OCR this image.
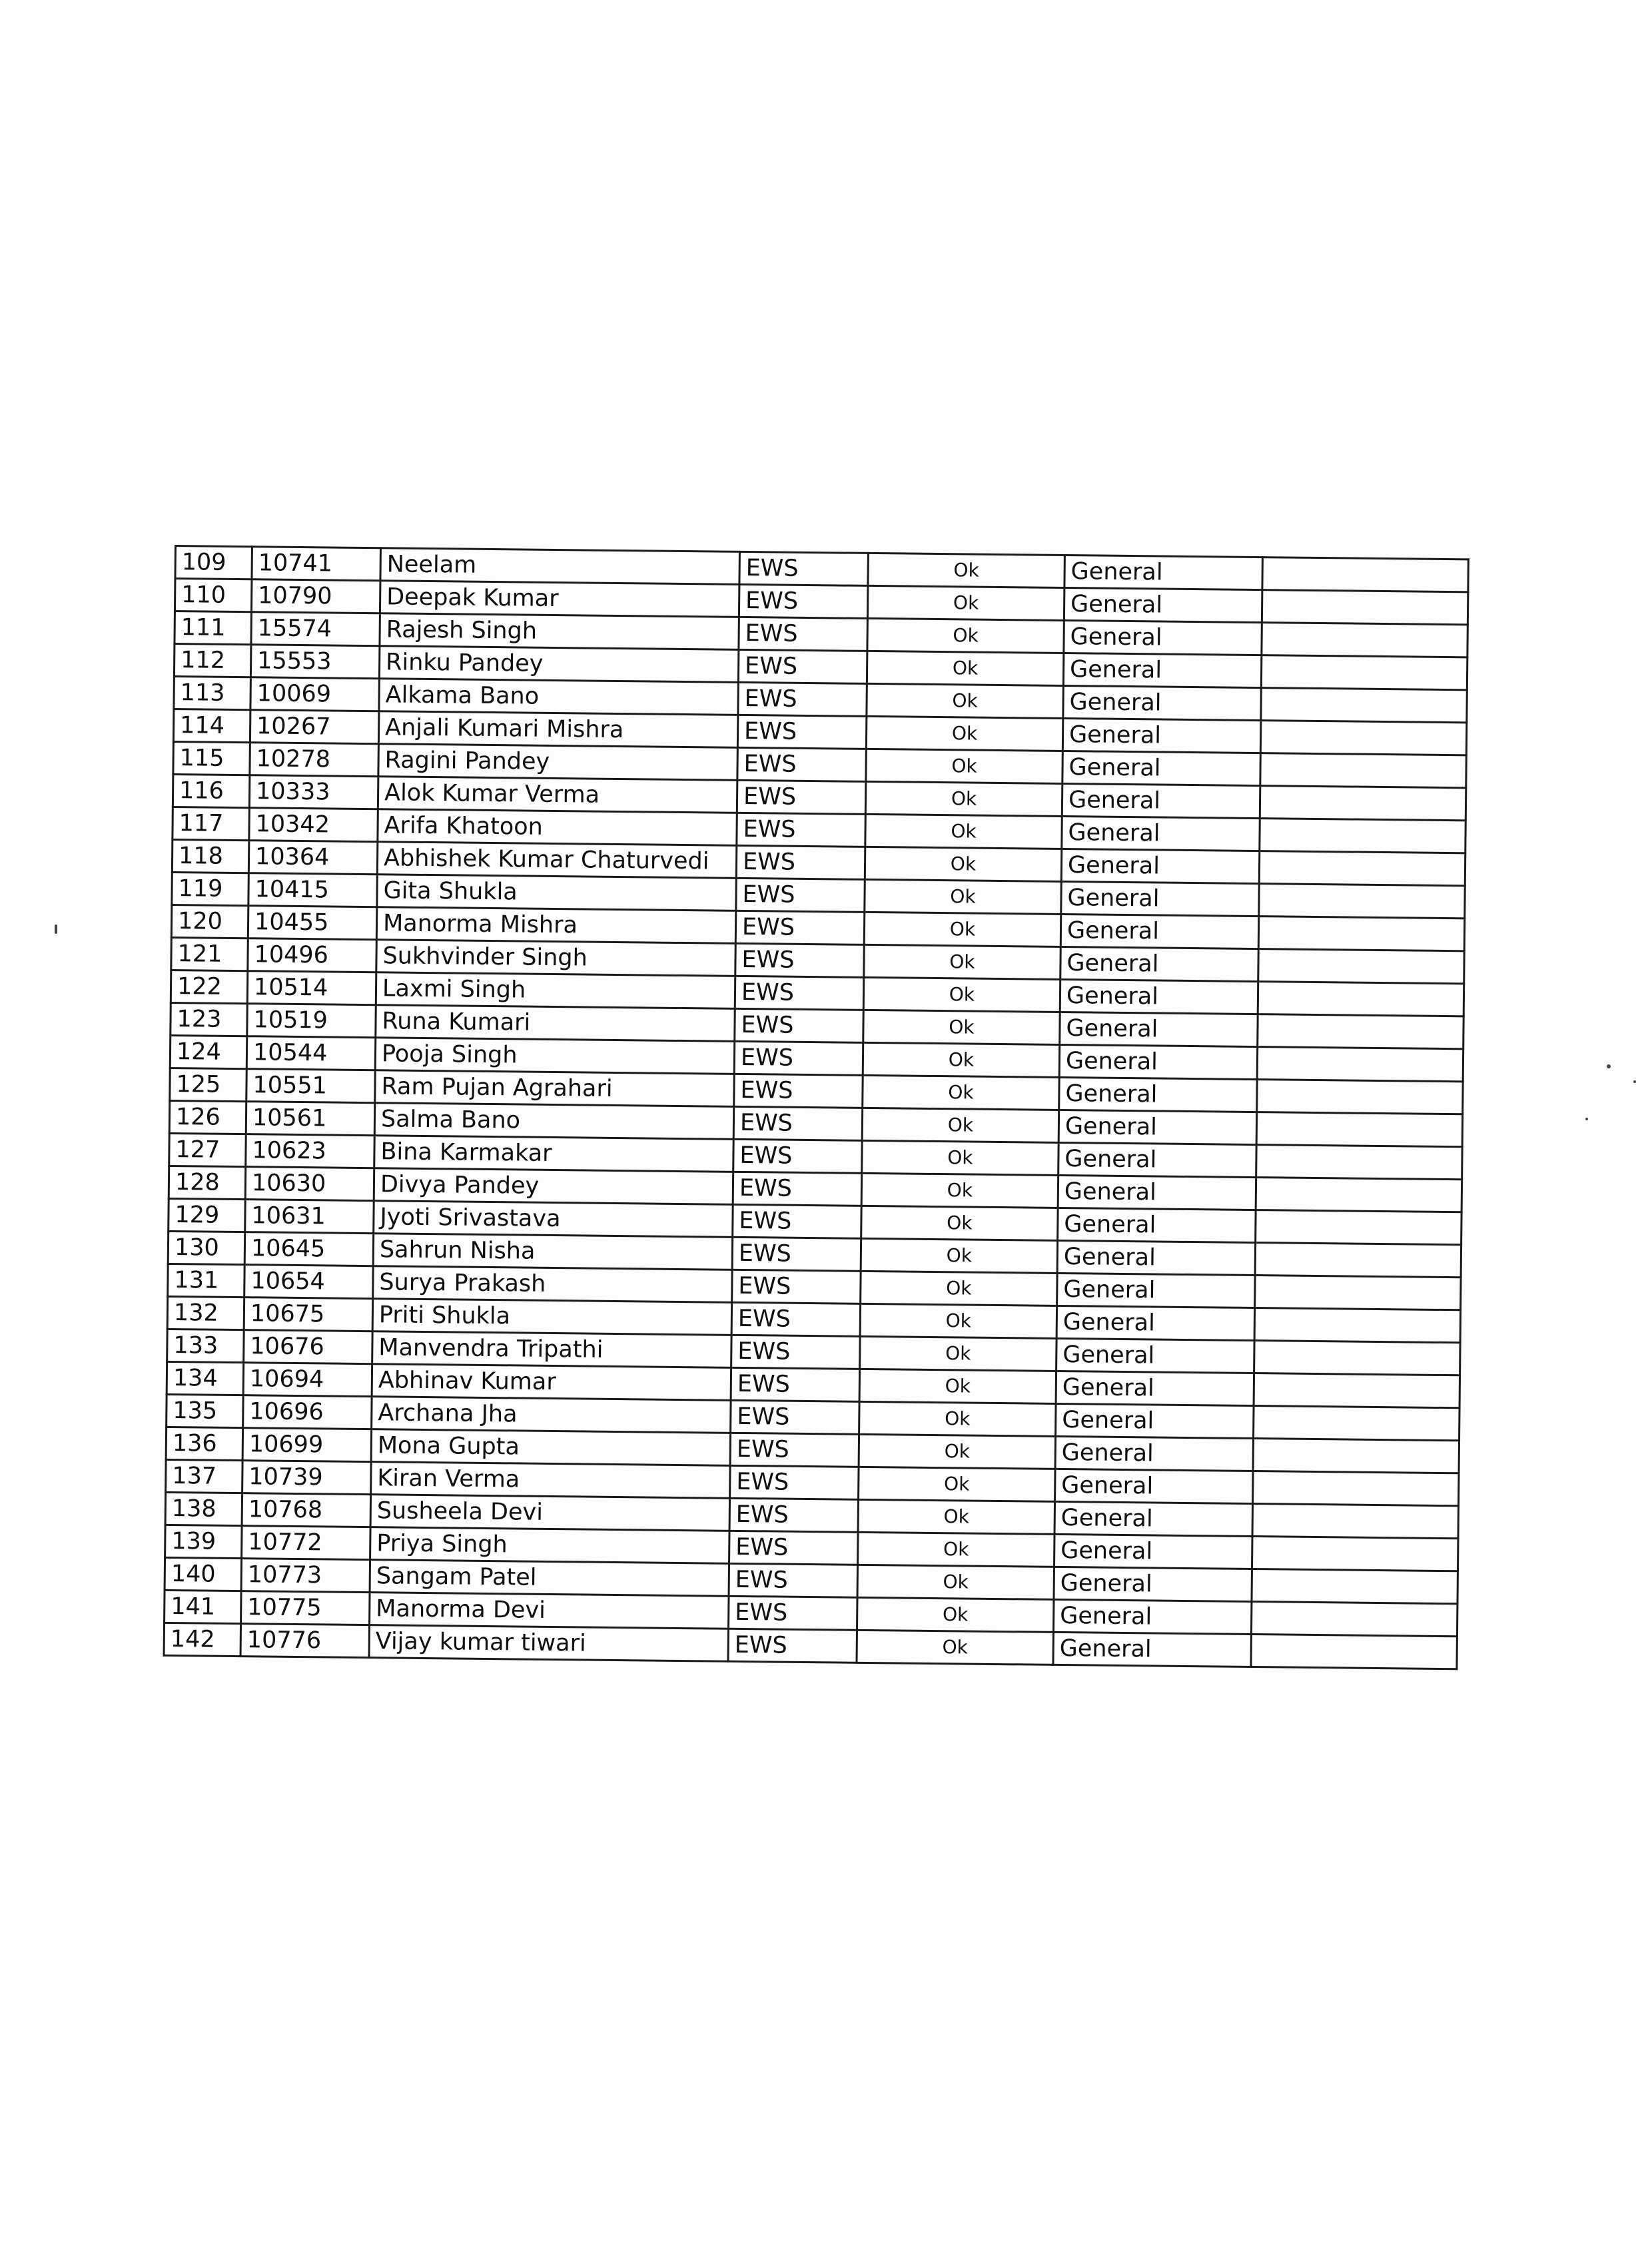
109	10741	Neelam	EWS	Ok	General	
110	10790	Deepak Kumar	EWS	Ok	General	
111	15574	Rajesh Singh	EWS	Ok	General	
112	15553	Rinku Pandey	EWS	Ok	General	
113	10069	Alkama Bano	EWS	Ok	General	
114	10267	Anjali Kumari Mishra	EWS	Ok	General	
115	10278	Ragini Pandey	EWS	Ok	General	
116	10333	Alok Kumar Verma	EWS	Ok	General	
117	10342	Arifa Khatoon	EWS	Ok	General	
118	10364	Abhishek Kumar Chaturvedi	EWS	Ok	General	
119	10415	Gita Shukla	EWS	Ok	General	
120	10455	Manorma Mishra	EWS	Ok	General	
121	10496	Sukhvinder Singh	EWS	Ok	General	
122	10514	Laxmi Singh	EWS	Ok	General	
123	10519	Runa Kumari	EWS	Ok	General	
124	10544	Pooja Singh	EWS	Ok	General	
125	10551	Ram Pujan Agrahari	EWS	Ok	General	
126	10561	Salma Bano	EWS	Ok	General	
127	10623	Bina Karmakar	EWS	Ok	General	
128	10630	Divya Pandey	EWS	Ok	General	
129	10631	Jyoti Srivastava	EWS	Ok	General	
130	10645	Sahrun Nisha	EWS	Ok	General	
131	10654	Surya Prakash	EWS	Ok	General	
132	10675	Priti Shukla	EWS	Ok	General	
133	10676	Manvendra Tripathi	EWS	Ok	General	
134	10694	Abhinav Kumar	EWS	Ok	General	
135	10696	Archana Jha	EWS	Ok	General	
136	10699	Mona Gupta	EWS	Ok	General	
137	10739	Kiran Verma	EWS	Ok	General	
138	10768	Susheela Devi	EWS	Ok	General	
139	10772	Priya Singh	EWS	Ok	General	
140	10773	Sangam Patel	EWS	Ok	General	
141	10775	Manorma Devi	EWS	Ok	General	
142	10776	Vijay kumar tiwari	EWS	Ok	General	
